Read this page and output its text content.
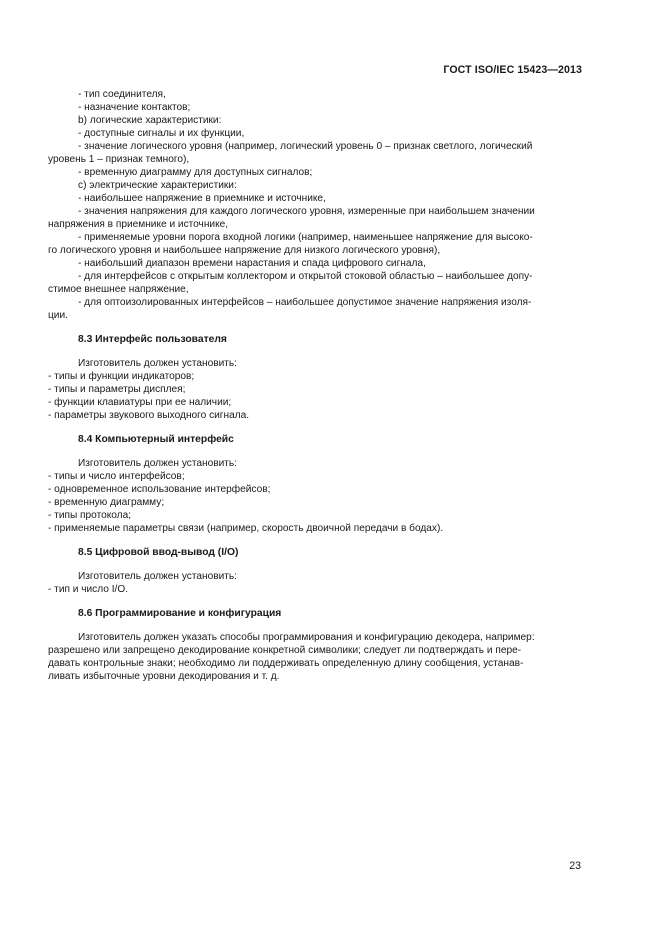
ГОСТ ISO/IEC 15423—2013
- тип соединителя,
- назначение контактов;
b) логические характеристики:
- доступные сигналы и их функции,
- значение логического уровня (например, логический уровень 0 – признак светлого, логический
уровень 1 – признак темного),
- временную диаграмму для доступных сигналов;
c) электрические характеристики:
- наибольшее напряжение в приемнике и источнике,
- значения напряжения для каждого логического уровня, измеренные при наибольшем значении
напряжения в приемнике и источнике,
- применяемые уровни порога входной логики (например, наименьшее напряжение для высоко-
го логического уровня и наибольшее напряжение для низкого логического уровня),
- наибольший диапазон времени нарастания и спада цифрового сигнала,
- для интерфейсов с открытым коллектором и открытой стоковой областью – наибольшее допу-
стимое внешнее напряжение,
- для оптоизолированных интерфейсов – наибольшее допустимое значение напряжения изоля-
ции.
8.3 Интерфейс пользователя
Изготовитель должен установить:
- типы и функции индикаторов;
- типы и параметры дисплея;
- функции клавиатуры при ее наличии;
- параметры звукового выходного сигнала.
8.4 Компьютерный интерфейс
Изготовитель должен установить:
- типы и число интерфейсов;
- одновременное использование интерфейсов;
- временную диаграмму;
- типы протокола;
- применяемые параметры связи (например, скорость двоичной передачи в бодах).
8.5 Цифровой ввод-вывод (I/O)
Изготовитель должен установить:
- тип и число I/O.
8.6 Программирование и конфигурация
Изготовитель должен указать способы программирования и конфигурацию декодера, например:
разрешено или запрещено декодирование конкретной символики; следует ли подтверждать и пере-
давать контрольные знаки; необходимо ли поддерживать определенную длину сообщения, устанав-
ливать избыточные уровни декодирования и т. д.
23
